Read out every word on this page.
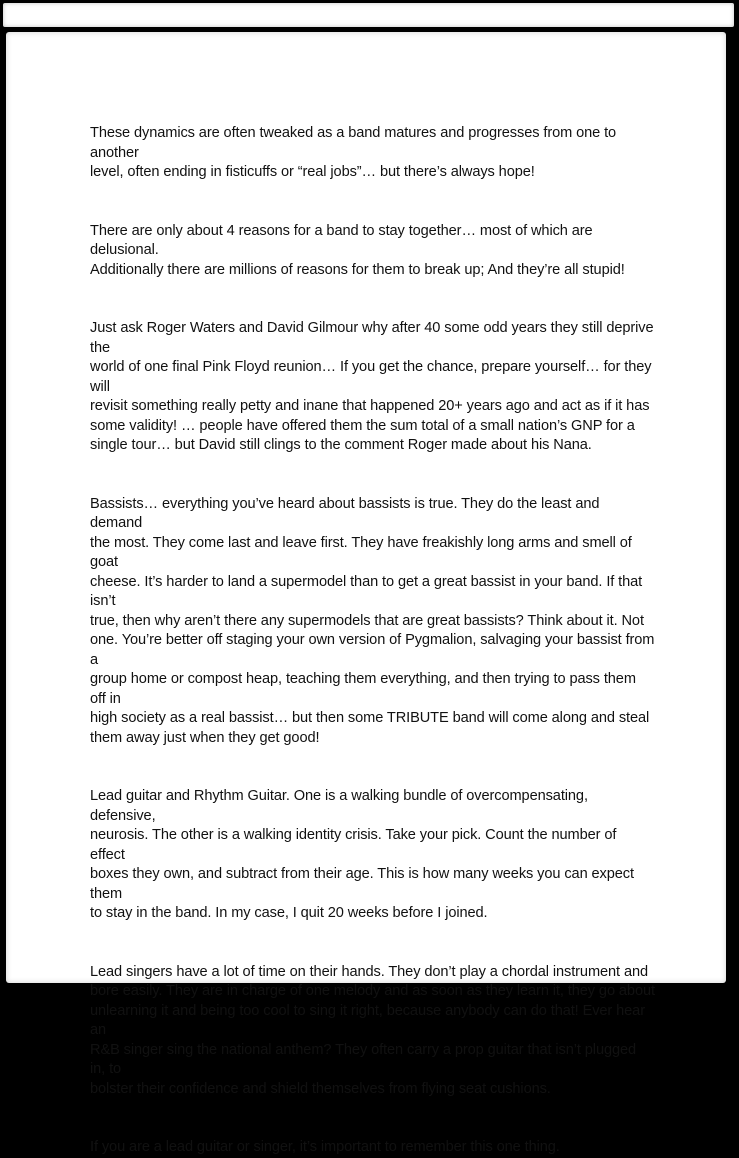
These dynamics are often tweaked as a band matures and progresses from one to another
level, often ending in fisticuffs or “real jobs”… but there’s always hope!

There are only about 4 reasons for a band to stay together… most of which are delusional.
Additionally there are millions of reasons for them to break up; And they’re all stupid!

Just ask Roger Waters and David Gilmour why after 40 some odd years they still deprive the
world of one final Pink Floyd reunion… If you get the chance, prepare yourself… for they will
revisit something really petty and inane that happened 20+ years ago and act as if it has
some validity! … people have offered them the sum total of a small nation’s GNP for a
single tour… but David still clings to the comment Roger made about his Nana.

Bassists… everything you’ve heard about bassists is true. They do the least and demand
the most. They come last and leave first. They have freakishly long arms and smell of goat
cheese. It’s harder to land a supermodel than to get a great bassist in your band. If that isn’t
true, then why aren’t there any supermodels that are great bassists? Think about it. Not
one. You’re better off staging your own version of Pygmalion, salvaging your bassist from a
group home or compost heap, teaching them everything, and then trying to pass them off in
high society as a real bassist… but then some TRIBUTE band will come along and steal
them away just when they get good!

Lead guitar and Rhythm Guitar. One is a walking bundle of overcompensating, defensive,
neurosis. The other is a walking identity crisis. Take your pick. Count the number of effect
boxes they own, and subtract from their age. This is how many weeks you can expect them
to stay in the band. In my case, I quit 20 weeks before I joined.

Lead singers have a lot of time on their hands. They don’t play a chordal instrument and
bore easily. They are in charge of one melody and as soon as they learn it, they go about
unlearning it and being too cool to sing it right, because anybody can do that! Ever hear an
R&B singer sing the national anthem? They often carry a prop guitar that isn’t plugged in, to
bolster their confidence and shield themselves from flying seat cushions.

If you are a lead guitar or singer, it’s important to remember this one thing.
